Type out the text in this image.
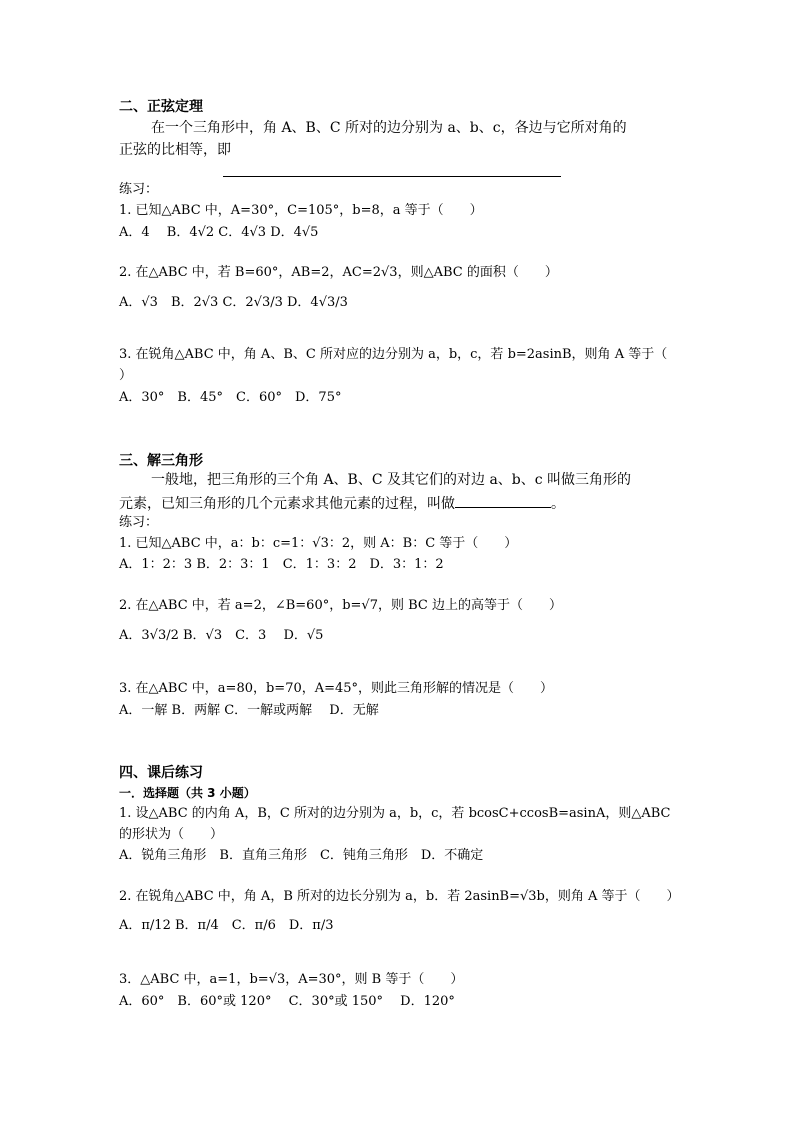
二、正弦定理
在一个三角形中，角 A、B、C 所对的边分别为 a、b、c，各边与它所对角的
正弦的比相等，即
练习：
1. 已知△ABC 中，A=30°，C=105°，b=8，a 等于（　　）
A．4　 B．4√2 C．4√3 D．4√5
2. 在△ABC 中，若 B=60°，AB=2，AC=2√3，则△ABC 的面积（　　）
A．√3　B．2√3 C．2√3/3 D．4√3/3
3. 在锐角△ABC 中，角 A、B、C 所对应的边分别为 a，b，c，若 b=2asinB，则角 A 等于（
）
A．30°　B．45°　C．60°　D．75°
三、解三角形
一般地，把三角形的三个角 A、B、C 及其它们的对边 a、b、c 叫做三角形的
元素，已知三角形的几个元素求其他元素的过程，叫做	。
练习：
1. 已知△ABC 中，a：b：c=1：√3：2，则 A：B：C 等于（　　）
A．1：2：3 B．2：3：1　C．1：3：2　D．3：1：2
2. 在△ABC 中，若 a=2，∠B=60°，b=√7，则 BC 边上的高等于（　　）
A．3√3/2 B．√3　C．3　 D．√5
3. 在△ABC 中，a=80，b=70，A=45°，则此三角形解的情况是（　　）
A．一解 B．两解 C．一解或两解　 D．无解
四、课后练习
一．选择题（共 3 小题）
1. 设△ABC 的内角 A，B，C 所对的边分别为 a，b，c，若 bcosC+ccosB=asinA，则△ABC
的形状为（　　）
A．锐角三角形　B．直角三角形　C．钝角三角形　D．不确定
2. 在锐角△ABC 中，角 A，B 所对的边长分别为 a，b．若 2asinB=√3b，则角 A 等于（　　）
A．π/12 B．π/4　C．π/6　D．π/3
3．△ABC 中，a=1，b=√3，A=30°，则 B 等于（　　）
A．60°　B．60°或 120°　 C．30°或 150°　 D．120°
